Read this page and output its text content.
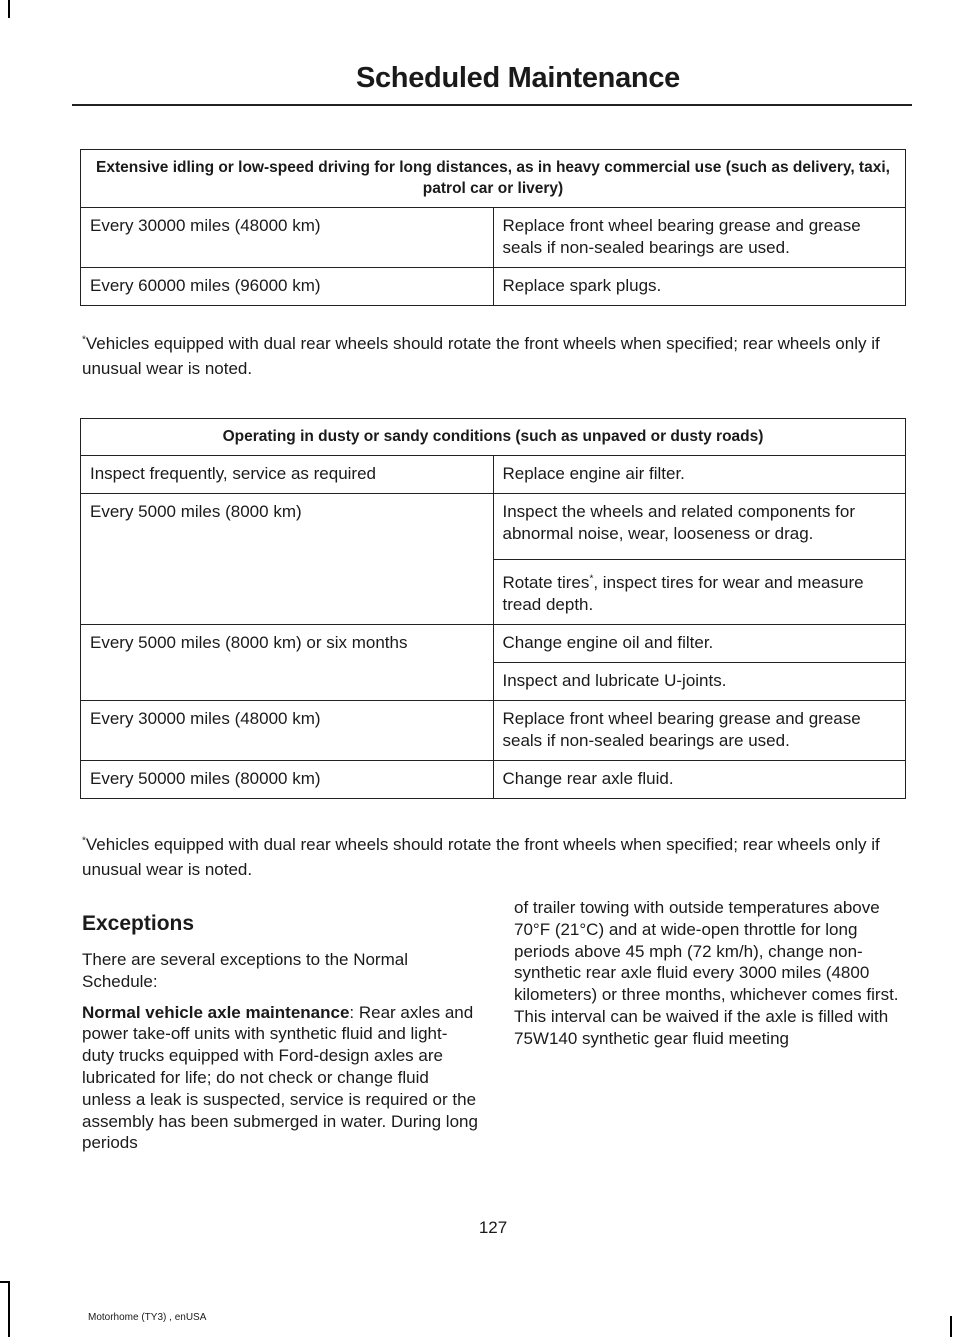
Scheduled Maintenance
Extensive idling or low-speed driving for long distances, as in heavy commercial use (such as delivery, taxi, patrol car or livery)	
Every 30000 miles (48000 km)	Replace front wheel bearing grease and grease seals if non-sealed bearings are used.
Every 60000 miles (96000 km)	Replace spark plugs.
*Vehicles equipped with dual rear wheels should rotate the front wheels when specified; rear wheels only if unusual wear is noted.
Operating in dusty or sandy conditions (such as unpaved or dusty roads)	
Inspect frequently, service as required	Replace engine air filter.
Every 5000 miles (8000 km)	Inspect the wheels and related components for abnormal noise, wear, looseness or drag.
	Rotate tires*, inspect tires for wear and measure tread depth.
Every 5000 miles (8000 km) or six months	Change engine oil and filter.
	Inspect and lubricate U-joints.
Every 30000 miles (48000 km)	Replace front wheel bearing grease and grease seals if non-sealed bearings are used.
Every 50000 miles (80000 km)	Change rear axle fluid.
*Vehicles equipped with dual rear wheels should rotate the front wheels when specified; rear wheels only if unusual wear is noted.
Exceptions

There are several exceptions to the Normal Schedule:

Normal vehicle axle maintenance: Rear axles and power take-off units with synthetic fluid and light-duty trucks equipped with Ford-design axles are lubricated for life; do not check or change fluid unless a leak is suspected, service is required or the assembly has been submerged in water. During long periods

of trailer towing with outside temperatures above 70°F (21°C) and at wide-open throttle for long periods above 45 mph (72 km/h), change non-synthetic rear axle fluid every 3000 miles (4800 kilometers) or three months, whichever comes first. This interval can be waived if the axle is filled with 75W140 synthetic gear fluid meeting

127
Motorhome (TY3) , enUSA
